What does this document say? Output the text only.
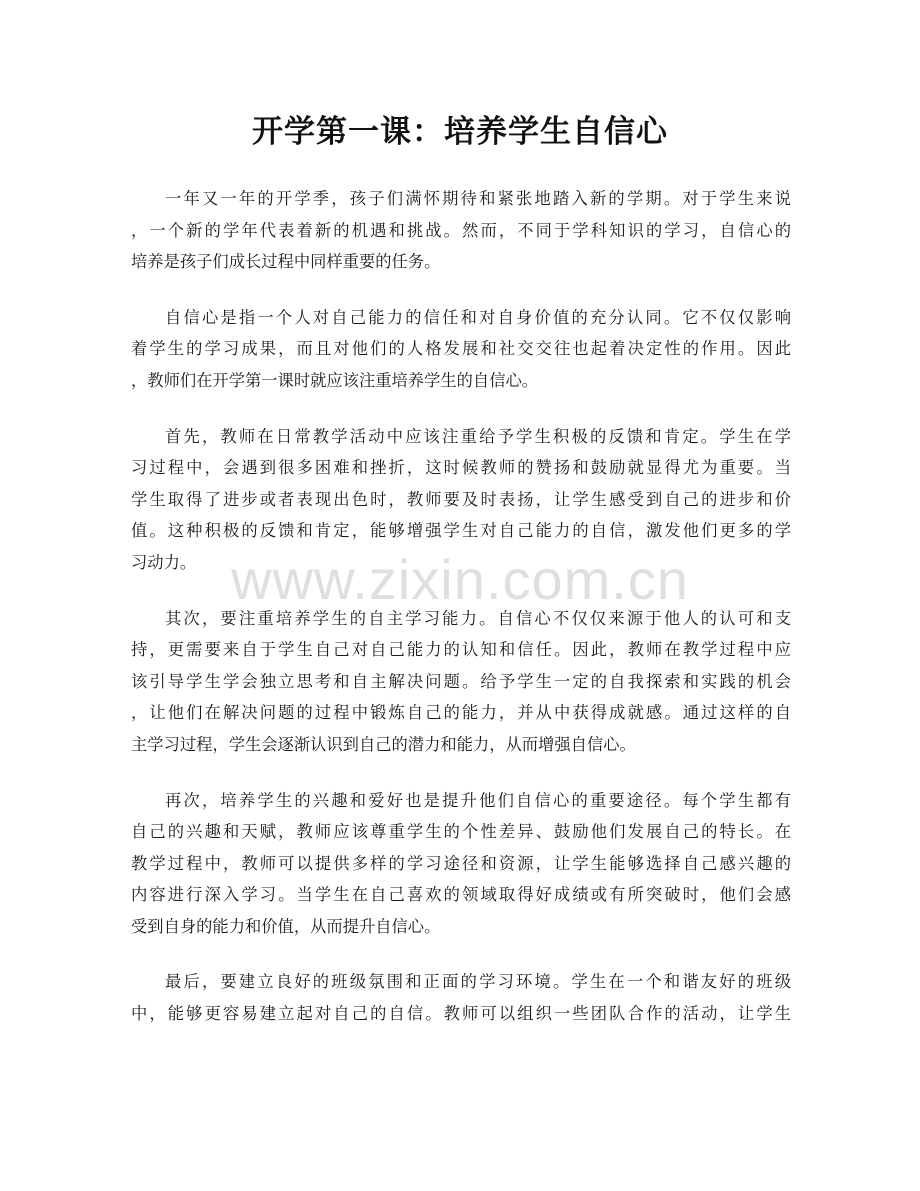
开学第一课：培养学生自信心
www.zixin.com.cn
一年又一年的开学季，孩子们满怀期待和紧张地踏入新的学期。对于学生来说
，一个新的学年代表着新的机遇和挑战。然而，不同于学科知识的学习，自信心的
培养是孩子们成长过程中同样重要的任务。
自信心是指一个人对自己能力的信任和对自身价值的充分认同。它不仅仅影响
着学生的学习成果，而且对他们的人格发展和社交交往也起着决定性的作用。因此
，教师们在开学第一课时就应该注重培养学生的自信心。
首先，教师在日常教学活动中应该注重给予学生积极的反馈和肯定。学生在学
习过程中，会遇到很多困难和挫折，这时候教师的赞扬和鼓励就显得尤为重要。当
学生取得了进步或者表现出色时，教师要及时表扬，让学生感受到自己的进步和价
值。这种积极的反馈和肯定，能够增强学生对自己能力的自信，激发他们更多的学
习动力。
其次，要注重培养学生的自主学习能力。自信心不仅仅来源于他人的认可和支
持，更需要来自于学生自己对自己能力的认知和信任。因此，教师在教学过程中应
该引导学生学会独立思考和自主解决问题。给予学生一定的自我探索和实践的机会
，让他们在解决问题的过程中锻炼自己的能力，并从中获得成就感。通过这样的自
主学习过程，学生会逐渐认识到自己的潜力和能力，从而增强自信心。
再次，培养学生的兴趣和爱好也是提升他们自信心的重要途径。每个学生都有
自己的兴趣和天赋，教师应该尊重学生的个性差异、鼓励他们发展自己的特长。在
教学过程中，教师可以提供多样的学习途径和资源，让学生能够选择自己感兴趣的
内容进行深入学习。当学生在自己喜欢的领域取得好成绩或有所突破时，他们会感
受到自身的能力和价值，从而提升自信心。
最后，要建立良好的班级氛围和正面的学习环境。学生在一个和谐友好的班级
中，能够更容易建立起对自己的自信。教师可以组织一些团队合作的活动，让学生
